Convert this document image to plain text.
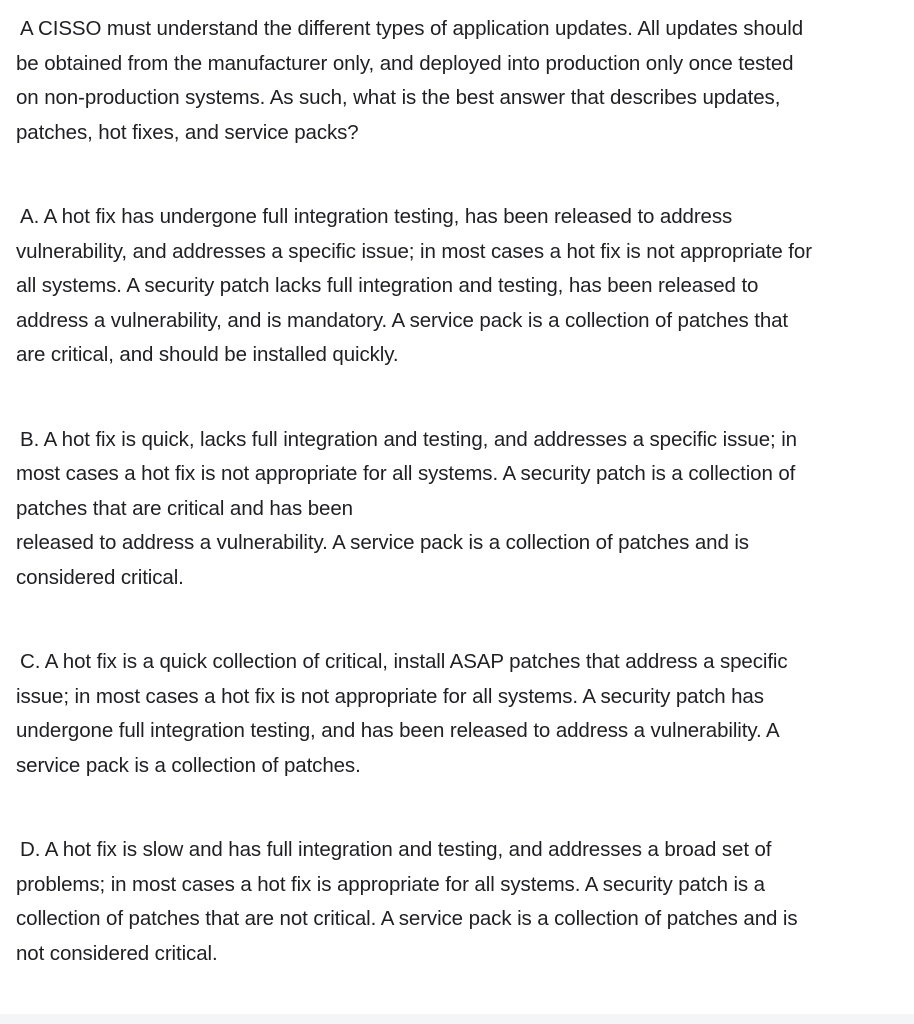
A CISSO must understand the different types of application updates. All updates should
be obtained from the manufacturer only, and deployed into production only once tested
on non-production systems. As such, what is the best answer that describes updates,
patches, hot fixes, and service packs?

A. A hot fix has undergone full integration testing, has been released to address
vulnerability, and addresses a specific issue; in most cases a hot fix is not appropriate for
all systems. A security patch lacks full integration and testing, has been released to
address a vulnerability, and is mandatory. A service pack is a collection of patches that
are critical, and should be installed quickly.

B. A hot fix is quick, lacks full integration and testing, and addresses a specific issue; in
most cases a hot fix is not appropriate for all systems. A security patch is a collection of
patches that are critical and has been
released to address a vulnerability. A service pack is a collection of patches and is
considered critical.

C. A hot fix is a quick collection of critical, install ASAP patches that address a specific
issue; in most cases a hot fix is not appropriate for all systems. A security patch has
undergone full integration testing, and has been released to address a vulnerability. A
service pack is a collection of patches.

D. A hot fix is slow and has full integration and testing, and addresses a broad set of
problems; in most cases a hot fix is appropriate for all systems. A security patch is a
collection of patches that are not critical. A service pack is a collection of patches and is
not considered critical.
